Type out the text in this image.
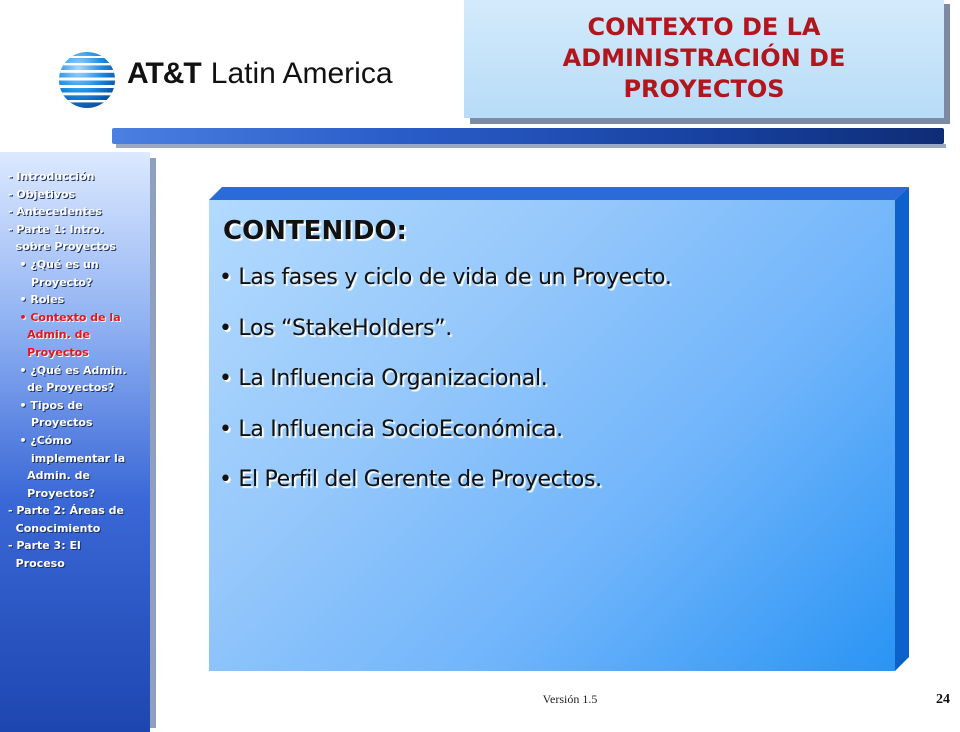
AT&T Latin America
CONTEXTO DE LA ADMINISTRACIÓN DE PROYECTOS
- Introducción
- Objetivos
- Antecedentes
- Parte 1: Intro.
sobre Proyectos
• ¿Qué es un
Proyecto?
• Roles
• Contexto de la
Admin. de
Proyectos
• ¿Qué es Admin.
de Proyectos?
• Tipos de
Proyectos
• ¿Cómo
implementar la
Admin. de
Proyectos?
- Parte 2: Áreas de
Conocimiento
- Parte 3: El
Proceso
CONTENIDO:
• Las fases y ciclo de vida de un Proyecto.
• Los “StakeHolders”.
• La Influencia Organizacional.
• La Influencia SocioEconómica.
• El Perfil del Gerente de Proyectos.
Versión 1.5	24
